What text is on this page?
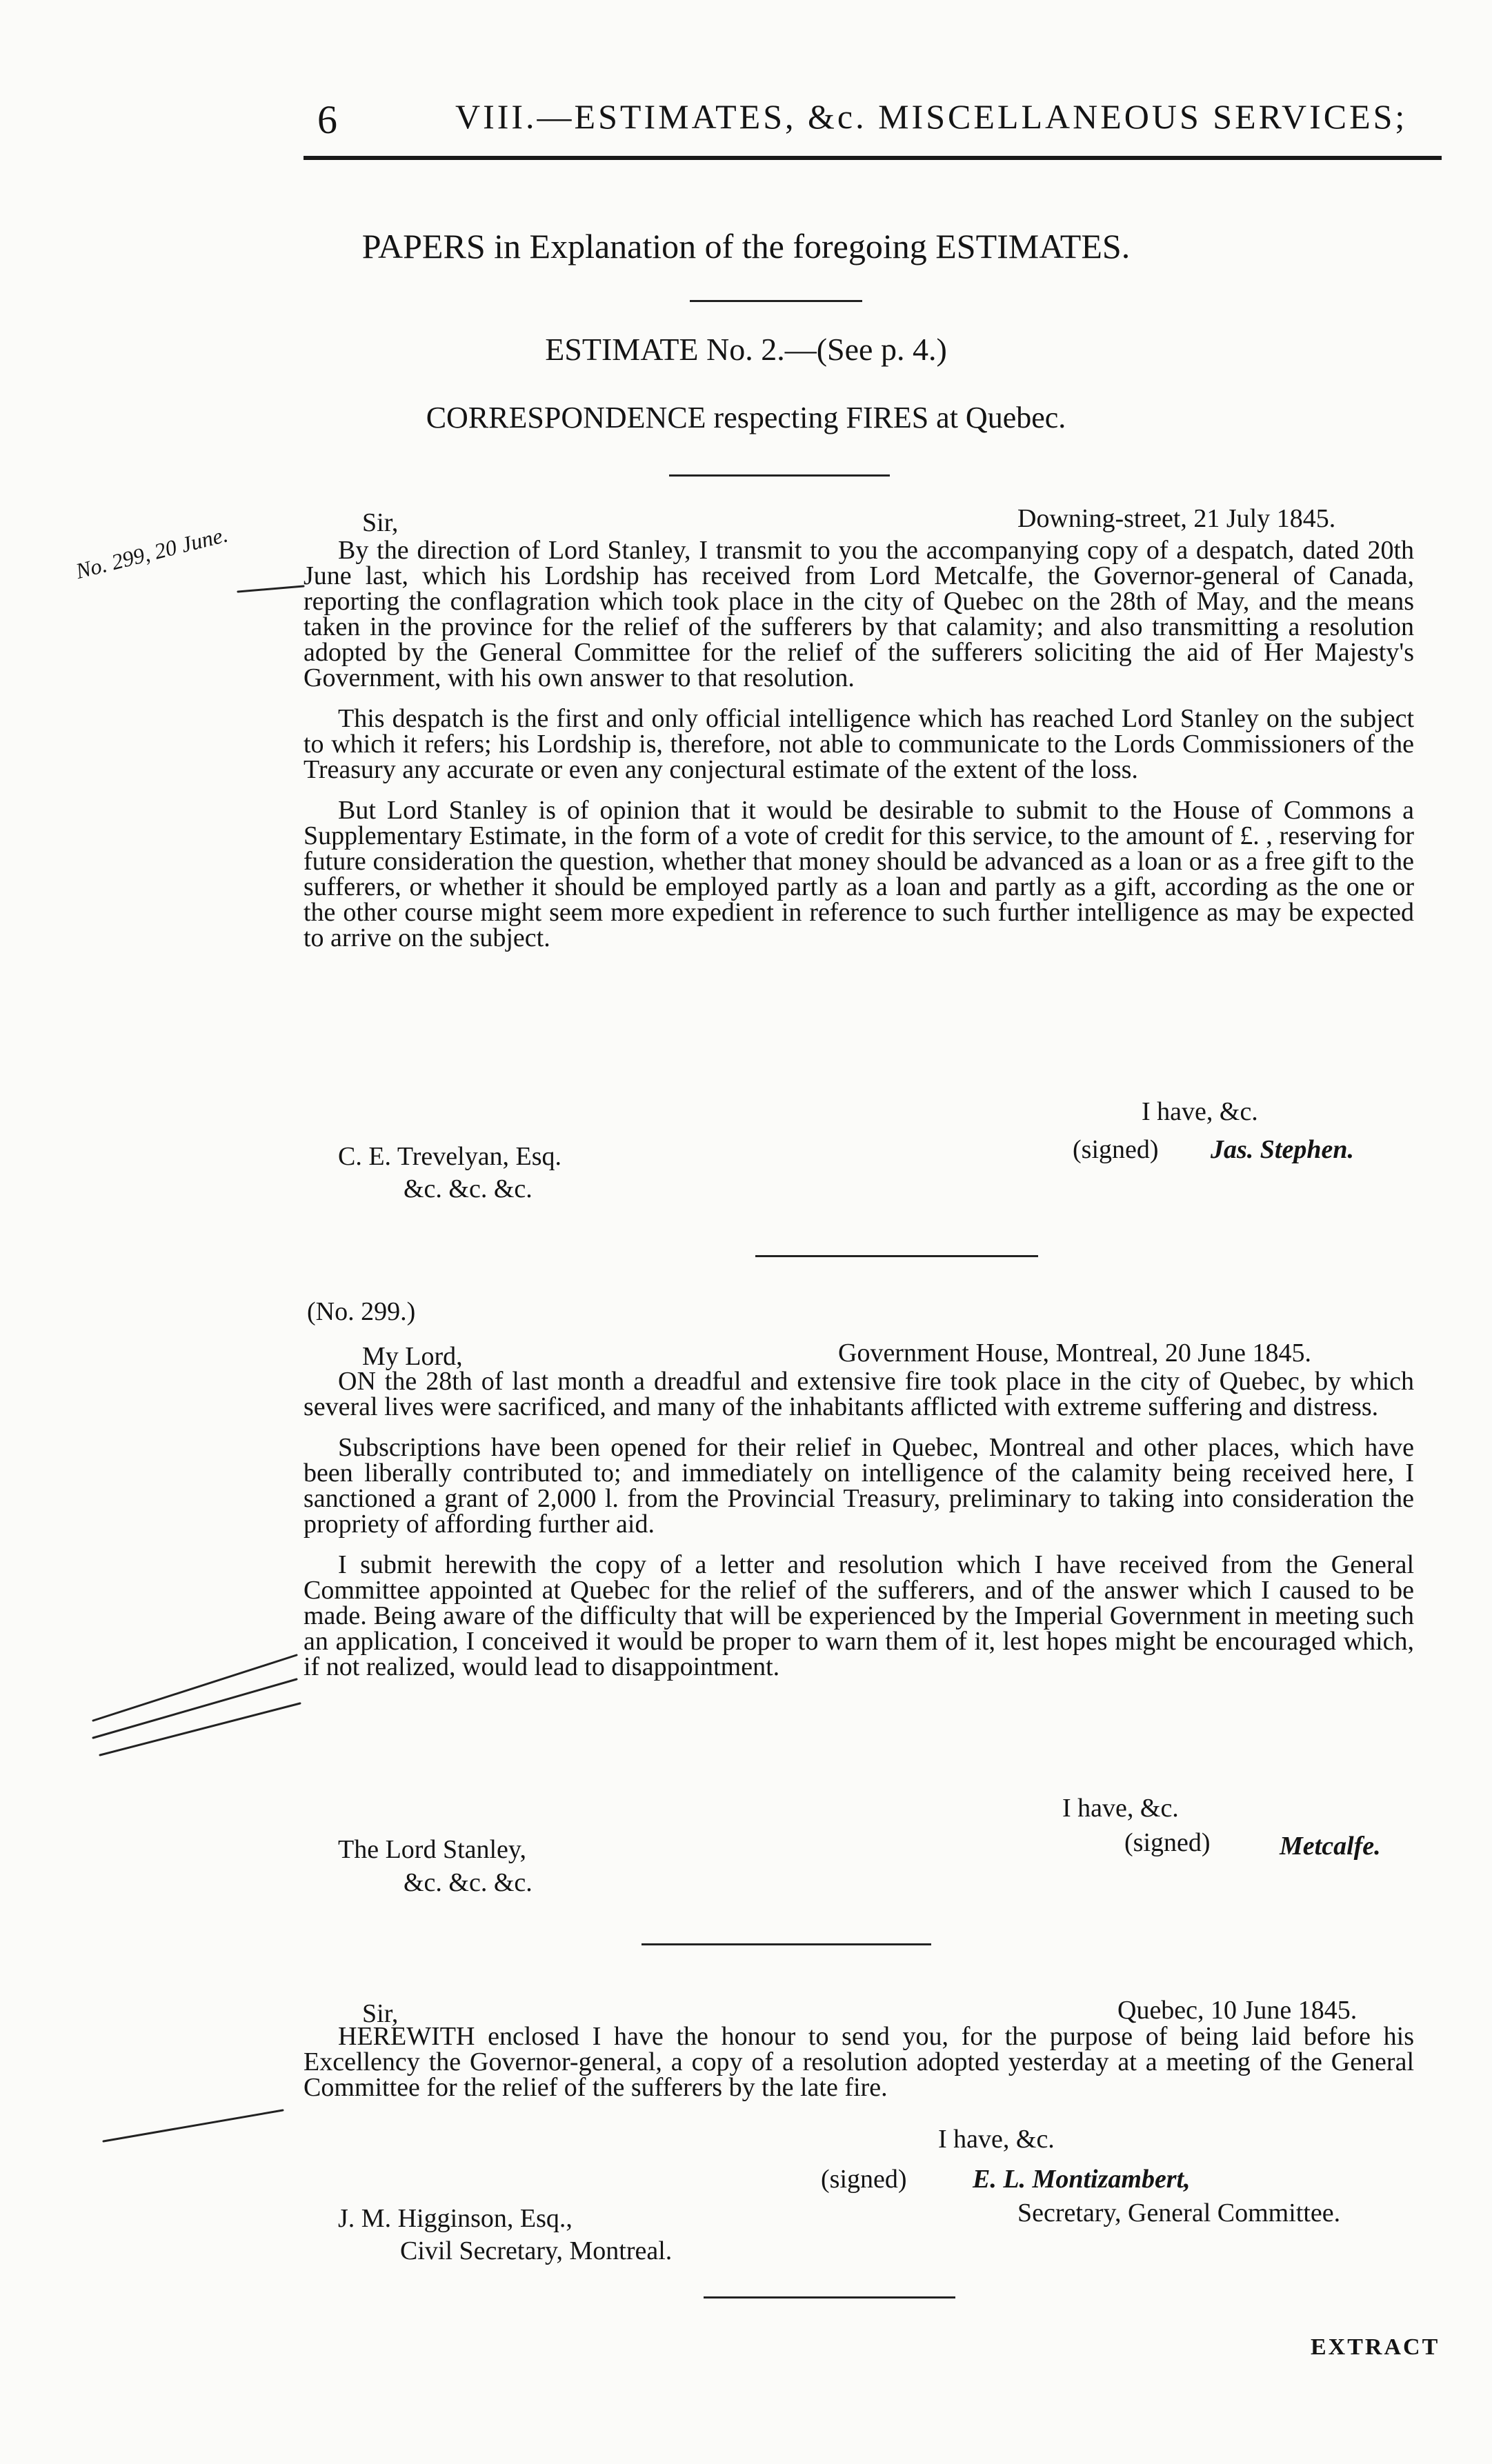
6	VIII.—ESTIMATES, &c. MISCELLANEOUS SERVICES;
PAPERS in Explanation of the foregoing ESTIMATES.
ESTIMATE No. 2.—(See p. 4.)
CORRESPONDENCE respecting FIRES at Quebec.
No. 299, 20 June.	Sir,	Downing-street, 21 July 1845.

By the direction of Lord Stanley, I transmit to you the accompanying copy of a despatch, dated 20th June last, which his Lordship has received from Lord Metcalfe, the Governor-general of Canada, reporting the conflagration which took place in the city of Quebec on the 28th of May, and the means taken in the province for the relief of the sufferers by that calamity; and also transmitting a resolution adopted by the General Committee for the relief of the sufferers soliciting the aid of Her Majesty's Government, with his own answer to that resolution.

This despatch is the first and only official intelligence which has reached Lord Stanley on the subject to which it refers; his Lordship is, therefore, not able to communicate to the Lords Commissioners of the Treasury any accurate or even any conjectural estimate of the extent of the loss.

But Lord Stanley is of opinion that it would be desirable to submit to the House of Commons a Supplementary Estimate, in the form of a vote of credit for this service, to the amount of £. , reserving for future consideration the question, whether that money should be advanced as a loan or as a free gift to the sufferers, or whether it should be employed partly as a loan and partly as a gift, according as the one or the other course might seem more expedient in reference to such further intelligence as may be expected to arrive on the subject.

I have, &c.
(signed) Jas. Stephen.
C. E. Trevelyan, Esq.
&c. &c. &c.
(No. 299.)
My Lord,	Government House, Montreal, 20 June 1845.

ON the 28th of last month a dreadful and extensive fire took place in the city of Quebec, by which several lives were sacrificed, and many of the inhabitants afflicted with extreme suffering and distress.

Subscriptions have been opened for their relief in Quebec, Montreal and other places, which have been liberally contributed to; and immediately on intelligence of the calamity being received here, I sanctioned a grant of 2,000 l. from the Provincial Treasury, preliminary to taking into consideration the propriety of affording further aid.

I submit herewith the copy of a letter and resolution which I have received from the General Committee appointed at Quebec for the relief of the sufferers, and of the answer which I caused to be made. Being aware of the difficulty that will be experienced by the Imperial Government in meeting such an application, I conceived it would be proper to warn them of it, lest hopes might be encouraged which, if not realized, would lead to disappointment.

I have, &c.
(signed)	Metcalfe.
The Lord Stanley,
&c. &c. &c.
Sir,	Quebec, 10 June 1845.

HEREWITH enclosed I have the honour to send you, for the purpose of being laid before his Excellency the Governor-general, a copy of a resolution adopted yesterday at a meeting of the General Committee for the relief of the sufferers by the late fire.

I have, &c.
(signed)	E. L. Montizambert,
Secretary, General Committee.
J. M. Higginson, Esq.,
Civil Secretary, Montreal.
EXTRACT
